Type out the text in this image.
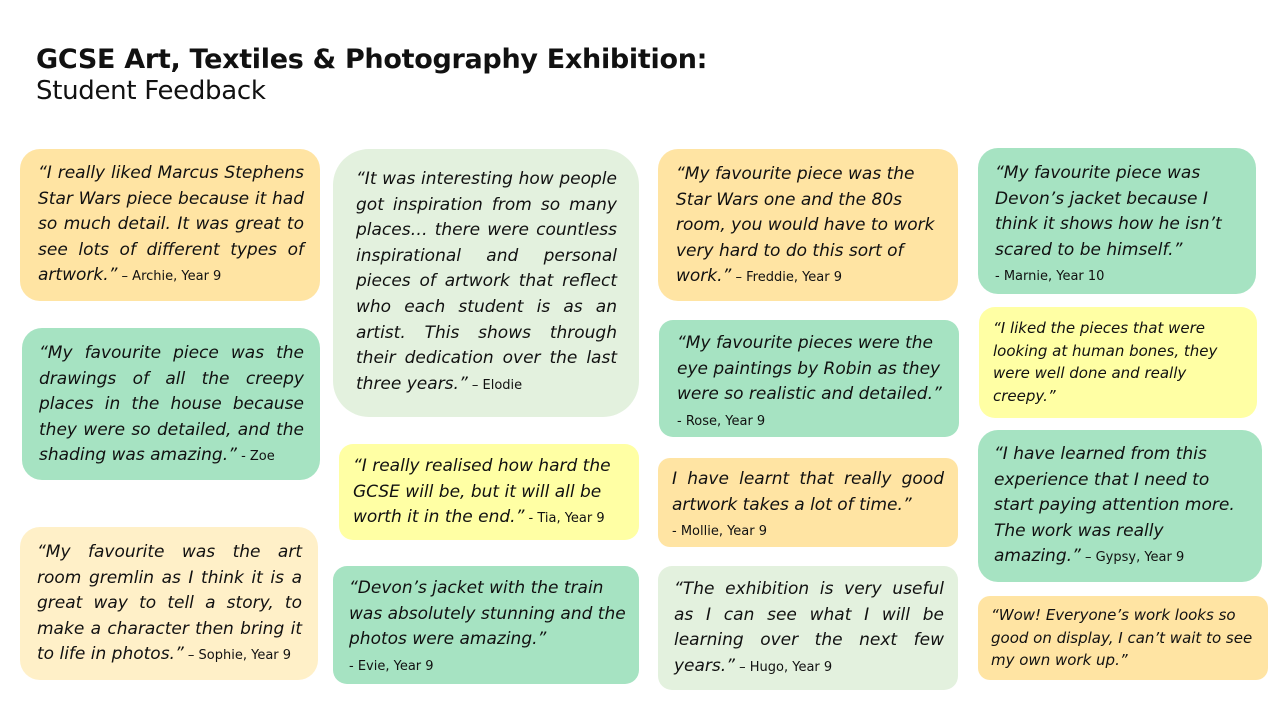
GCSE Art, Textiles & Photography Exhibition:
Student Feedback
“I really liked Marcus Stephens Star Wars piece because it had so much detail. It was great to see lots of different types of artwork.” – Archie, Year 9
“My favourite piece was the drawings of all the creepy places in the house because they were so detailed, and the shading was amazing.” - Zoe
“My favourite was the art room gremlin as I think it is a great way to tell a story, to make a character then bring it to life in photos.” – Sophie, Year 9
“It was interesting how people got inspiration from so many places… there were countless inspirational and personal pieces of artwork that reflect who each student is as an artist. This shows through their dedication over the last three years.” – Elodie
“I really realised how hard the GCSE will be, but it will all be worth it in the end.” - Tia, Year 9
“Devon’s jacket with the train was absolutely stunning and the photos were amazing.”
- Evie, Year 9
“My favourite piece was the Star Wars one and the 80s room, you would have to work very hard to do this sort of work.” – Freddie, Year 9
“My favourite pieces were the eye paintings by Robin as they were so realistic and detailed.”
- Rose, Year 9
I have learnt that really good artwork takes a lot of time.”
- Mollie, Year 9
“The exhibition is very useful as I can see what I will be learning over the next few years.” – Hugo, Year 9
“My favourite piece was Devon’s jacket because I think it shows how he isn’t scared to be himself.”
- Marnie, Year 10
“I liked the pieces that were looking at human bones, they were well done and really creepy.”
“I have learned from this experience that I need to start paying attention more. The work was really amazing.” – Gypsy, Year 9
“Wow! Everyone’s work looks so good on display, I can’t wait to see my own work up.”
